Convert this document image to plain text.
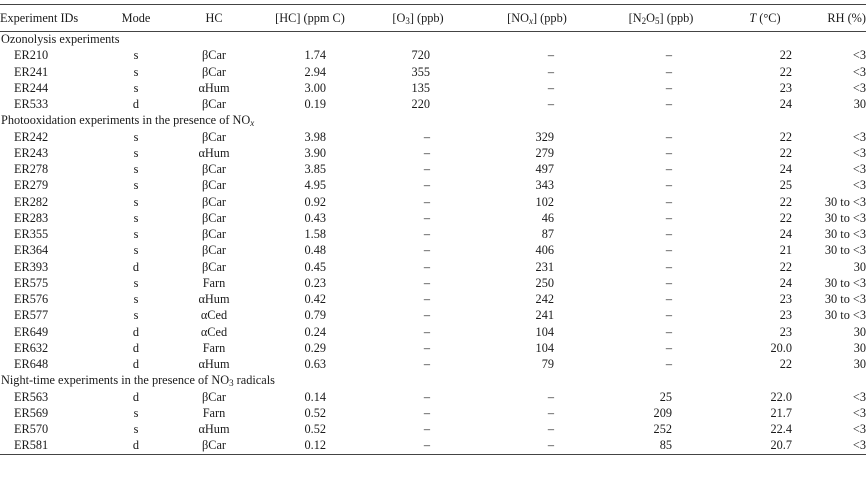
Experiment IDs	Mode	HC	[HC] (ppm C)	$[O_3]$ (ppb)	$[NO_x]$ (ppb)	$[N_2O_5]$ (ppb)	T (°C)	RH (%)
Ozonolysis experiments								
ER210	s	βCar	1.74	720	–	–	22	<3
ER241	s	βCar	2.94	355	–	–	22	<3
ER244	s	αHum	3.00	135	–	–	23	<3
ER533	d	βCar	0.19	220	–	–	24	30
Photooxidation experiments in the presence of $NO_x$
ER242	s	βCar	3.98	–	329	–	22	<3
ER243	s	αHum	3.90	–	279	–	22	<3
ER278	s	βCar	3.85	–	497	–	24	<3
ER279	s	βCar	4.95	–	343	–	25	<3
ER282	s	βCar	0.92	–	102	–	22	30 to <3
ER283	s	βCar	0.43	–	46	–	22	30 to <3
ER355	s	βCar	1.58	–	87	–	24	30 to <3
ER364	s	βCar	0.48	–	406	–	21	30 to <3
ER393	d	βCar	0.45	–	231	–	22	30
ER575	s	Farn	0.23	–	250	–	24	30 to <3
ER576	s	αHum	0.42	–	242	–	23	30 to <3
ER577	s	αCed	0.79	–	241	–	23	30 to <3
ER649	d	αCed	0.24	–	104	–	23	30
ER632	d	Farn	0.29	–	104	–	20.0	30
ER648	d	αHum	0.63	–	79	–	22	30
Night-time experiments in the presence of $NO_3$ radicals								
ER563	d	βCar	0.14	–	–	25	22.0	<3
ER569	s	Farn	0.52	–	–	209	21.7	<3
ER570	s	αHum	0.52	–	–	252	22.4	<3
ER581	d	βCar	0.12	–	–	85	20.7	<3
